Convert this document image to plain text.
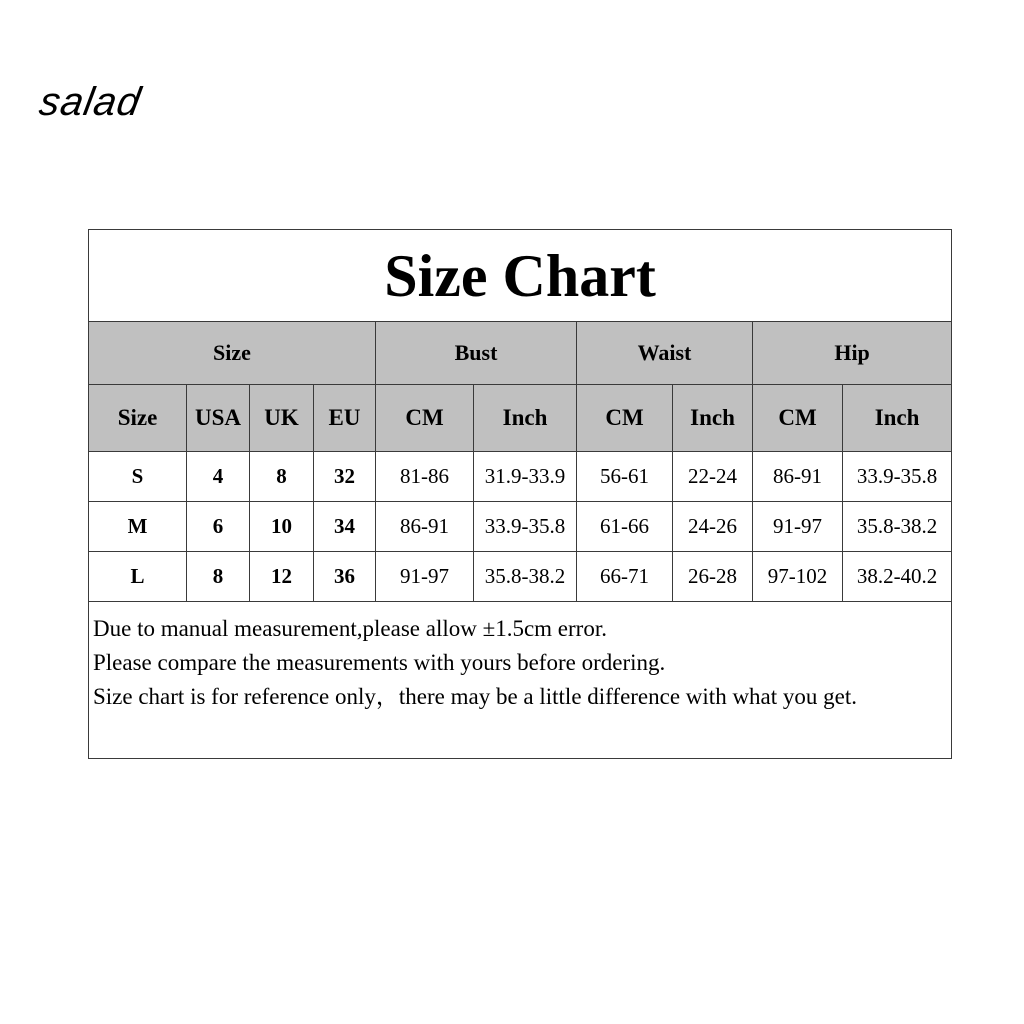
salad
Size Chart									
Size				Bust		Waist		Hip	
Size	USA	UK	EU	CM	Inch	CM	Inch	CM	Inch
S	4	8	32	81-86	31.9-33.9	56-61	22-24	86-91	33.9-35.8
M	6	10	34	86-91	33.9-35.8	61-66	24-26	91-97	35.8-38.2
L	8	12	36	91-97	35.8-38.2	66-71	26-28	97-102	38.2-40.2

Due to manual measurement,please allow ±1.5cm error.
Please compare the measurements with yours before ordering.
Size chart is for reference only，there may be a little difference with what you get.									
